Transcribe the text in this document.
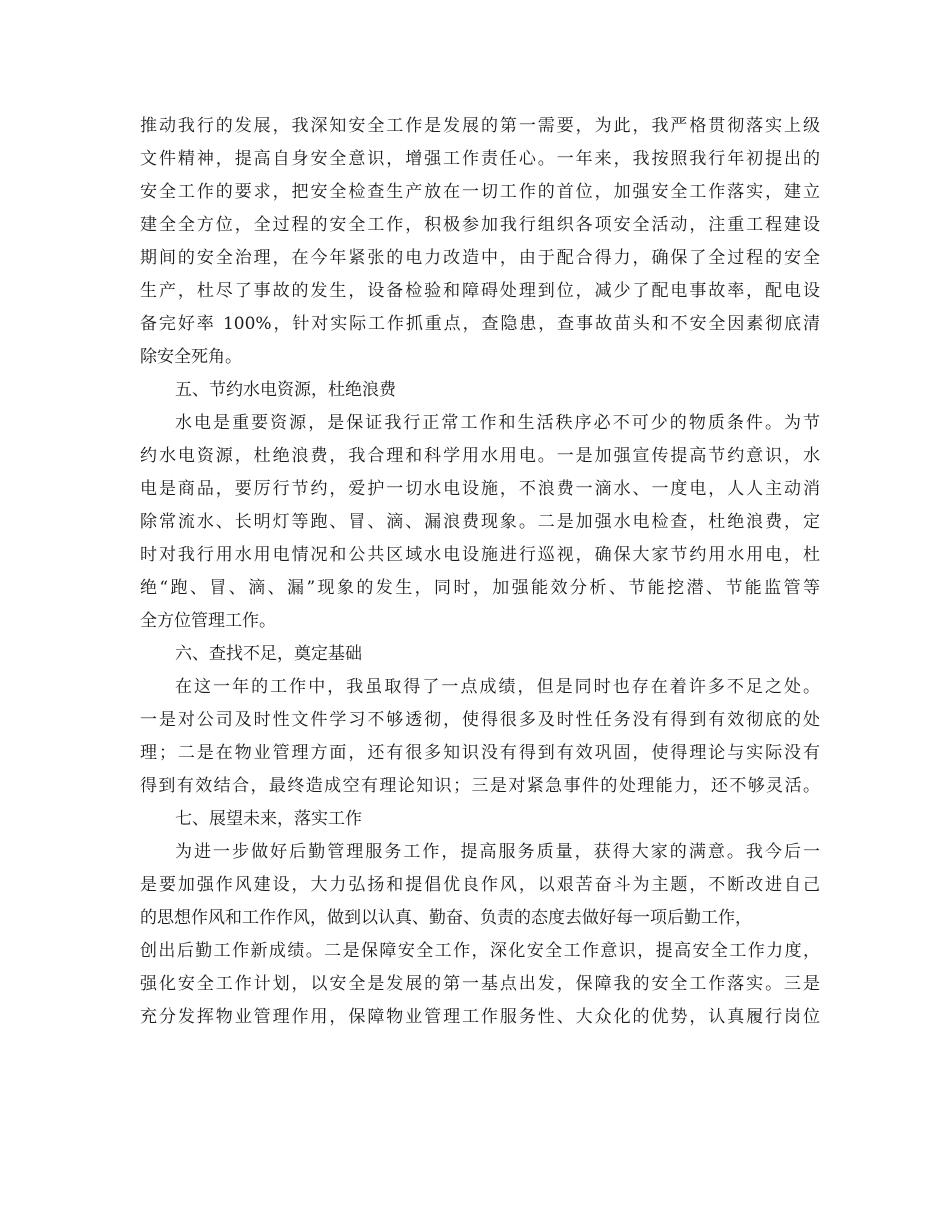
推动我行的发展，我深知安全工作是发展的第一需要，为此，我严格贯彻落实上级
文件精神，提高自身安全意识，增强工作责任心。一年来，我按照我行年初提出的
安全工作的要求，把安全检查生产放在一切工作的首位，加强安全工作落实，建立
建全全方位，全过程的安全工作，积极参加我行组织各项安全活动，注重工程建设
期间的安全治理，在今年紧张的电力改造中，由于配合得力，确保了全过程的安全
生产，杜尽了事故的发生，设备检验和障碍处理到位，减少了配电事故率，配电设
备完好率 100%，针对实际工作抓重点，查隐患，查事故苗头和不安全因素彻底清
除安全死角。
五、节约水电资源，杜绝浪费
水电是重要资源，是保证我行正常工作和生活秩序必不可少的物质条件。为节
约水电资源，杜绝浪费，我合理和科学用水用电。一是加强宣传提高节约意识，水
电是商品，要厉行节约，爱护一切水电设施，不浪费一滴水、一度电，人人主动消
除常流水、长明灯等跑、冒、滴、漏浪费现象。二是加强水电检查，杜绝浪费，定
时对我行用水用电情况和公共区域水电设施进行巡视，确保大家节约用水用电，杜
绝“跑、冒、滴、漏”现象的发生，同时，加强能效分析、节能挖潜、节能监管等
全方位管理工作。
六、查找不足，奠定基础
在这一年的工作中，我虽取得了一点成绩，但是同时也存在着许多不足之处。
一是对公司及时性文件学习不够透彻，使得很多及时性任务没有得到有效彻底的处
理；二是在物业管理方面，还有很多知识没有得到有效巩固，使得理论与实际没有
得到有效结合，最终造成空有理论知识；三是对紧急事件的处理能力，还不够灵活。
七、展望未来，落实工作
为进一步做好后勤管理服务工作，提高服务质量，获得大家的满意。我今后一
是要加强作风建设，大力弘扬和提倡优良作风，以艰苦奋斗为主题，不断改进自己
的思想作风和工作作风，做到以认真、勤奋、负责的态度去做好每一项后勤工作，
创出后勤工作新成绩。二是保障安全工作，深化安全工作意识，提高安全工作力度，
强化安全工作计划，以安全是发展的第一基点出发，保障我的安全工作落实。三是
充分发挥物业管理作用，保障物业管理工作服务性、大众化的优势，认真履行岗位
